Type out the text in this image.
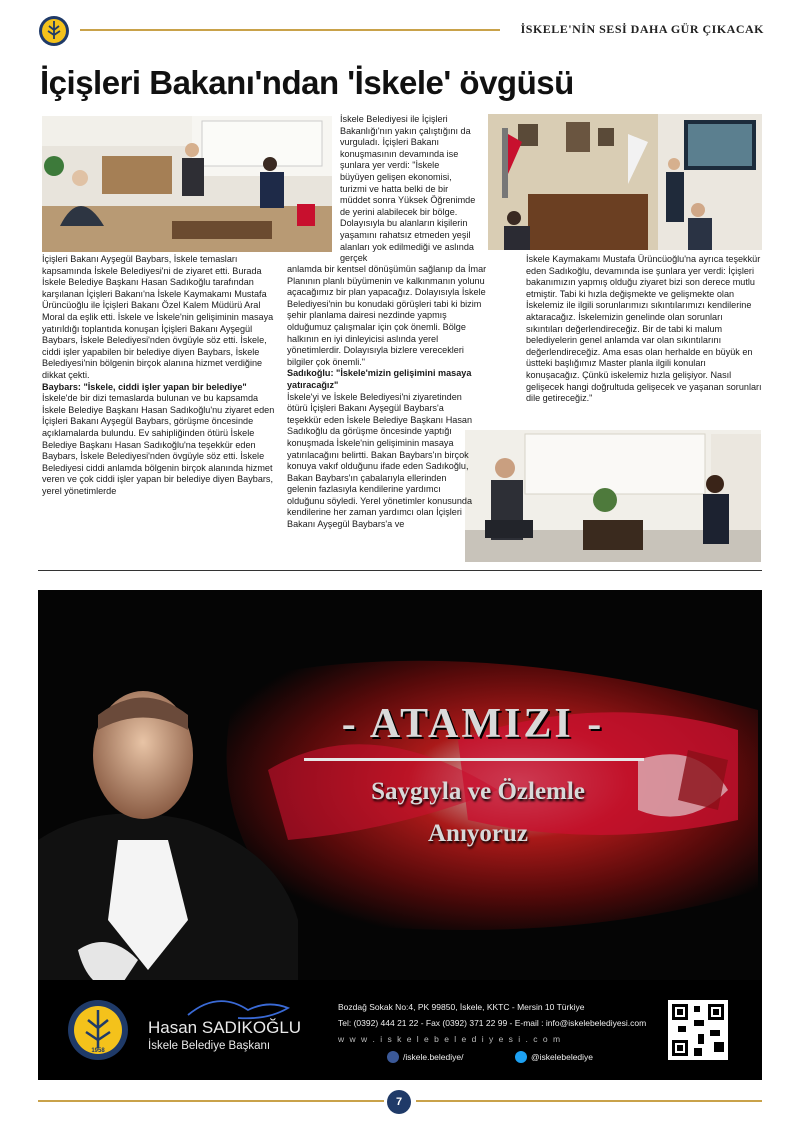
İSKELE'NİN SESİ DAHA GÜR ÇIKACAK
İçişleri Bakanı'ndan 'İskele' övgüsü

İçişleri Bakanı Ayşegül Baybars, İskele temasları kapsamında İskele Belediyesi'ni de ziyaret etti. Burada İskele Belediye Başkanı Hasan Sadıkoğlu tarafından karşılanan İçişleri Bakanı'na İskele Kaymakamı Mustafa Ürüncüoğlu ile İçişleri Bakanı Özel Kalem Müdürü Aral Moral da eşlik etti. İskele ve İskele'nin gelişiminin masaya yatırıldığı toplantıda konuşan İçişleri Bakanı Ayşegül Baybars, İskele Belediyesi'nden övgüyle söz etti. İskele, ciddi işler yapabilen bir belediye diyen Baybars, İskele Belediyesi'nin bölgenin birçok alanına hizmet verdiğine dikkat çekti.

Baybars: "İskele, ciddi işler yapan bir belediye"

İskele'de bir dizi temaslarda bulunan ve bu kapsamda İskele Belediye Başkanı Hasan Sadıkoğlu'nu ziyaret eden İçişleri Bakanı Ayşegül Baybars, görüşme öncesinde açıklamalarda bulundu. Ev sahipliğinden ötürü İskele Belediye Başkanı Hasan Sadıkoğlu'na teşekkür eden Baybars, İskele Belediyesi'nden övgüyle söz etti. İskele Belediyesi ciddi anlamda bölgenin birçok alanında hizmet veren ve çok ciddi işler yapan bir belediye diyen Baybars, yerel yönetimlerde

İskele Belediyesi ile İçişleri Bakanlığı'nın yakın çalıştığını da vurguladı. İçişleri Bakanı konuşmasının devamında ise şunlara yer verdi: "İskele büyüyen gelişen ekonomisi, turizmi ve hatta belki de bir müddet sonra Yüksek Öğrenimde de yerini alabilecek bir bölge. Dolayısıyla bu alanların kişilerin yaşamını rahatsız etmeden yeşil alanları yok edilmediği ve aslında gerçek

anlamda bir kentsel dönüşümün sağlanıp da İmar Planının planlı büyümenin ve kalkınmanın yolunu açacağımız bir plan yapacağız. Dolayısıyla İskele Belediyesi'nin bu konudaki görüşleri tabi ki bizim şehir planlama dairesi nezdinde yapmış olduğumuz çalışmalar için çok önemli. Bölge halkının en iyi dinleyicisi aslında yerel yönetimlerdir. Dolayısıyla bizlere verecekleri bilgiler çok önemli."

Sadıkoğlu: "İskele'mizin gelişimini masaya yatıracağız"

İskele'yi ve İskele Belediyesi'ni ziyaretinden ötürü İçişleri Bakanı Ayşegül Baybars'a teşekkür eden İskele Belediye Başkanı Hasan Sadıkoğlu da görüşme öncesinde yaptığı konuşmada İskele'nin gelişiminin masaya yatırılacağını belirtti. Bakan Baybars'ın birçok konuya vakıf olduğunu ifade eden Sadıkoğlu, Bakan Baybars'ın çabalarıyla ellerinden gelenin fazlasıyla kendilerine yardımcı olduğunu söyledi. Yerel yönetimler konusunda kendilerine her zaman yardımcı olan İçişleri Bakanı Ayşegül Baybars'a ve

İskele Kaymakamı Mustafa Ürüncüoğlu'na ayrıca teşekkür eden Sadıkoğlu, devamında ise şunlara yer verdi: İçişleri bakanımızın yapmış olduğu ziyaret bizi son derece mutlu etmiştir. Tabi ki hızla değişmekte ve gelişmekte olan İskelemiz ile ilgili sorunlarımızı sıkıntılarımızı kendilerine aktaracağız. İskelemizin genelinde olan sorunları sıkıntıları değerlendireceğiz. Bir de tabi ki malum belediyelerin genel anlamda var olan sıkıntılarını değerlendireceğiz. Ama esas olan herhalde en büyük en üstteki başlığımız Master planla ilgili konuları konuşacağız. Çünkü iskelemiz hızla gelişiyor. Nasıl gelişecek hangi doğrultuda gelişecek ve yaşanan sorunları dile getireceğiz."

- ATAMIZI -
Saygıyla ve Özlemle
Anıyoruz
1958
Hasan SADIKOĞLU
İskele Belediye Başkanı
Bozdağ Sokak No:4, PK 99850, İskele, KKTC - Mersin 10 Türkiye
Tel: (0392) 444 21 22 - Fax (0392) 371 22 99 - E-mail : info@iskelebelediyesi.com
w w w . i s k e l e b e l e d i y e s i . c o m
/iskele.belediye/	@iskelebelediye
7
